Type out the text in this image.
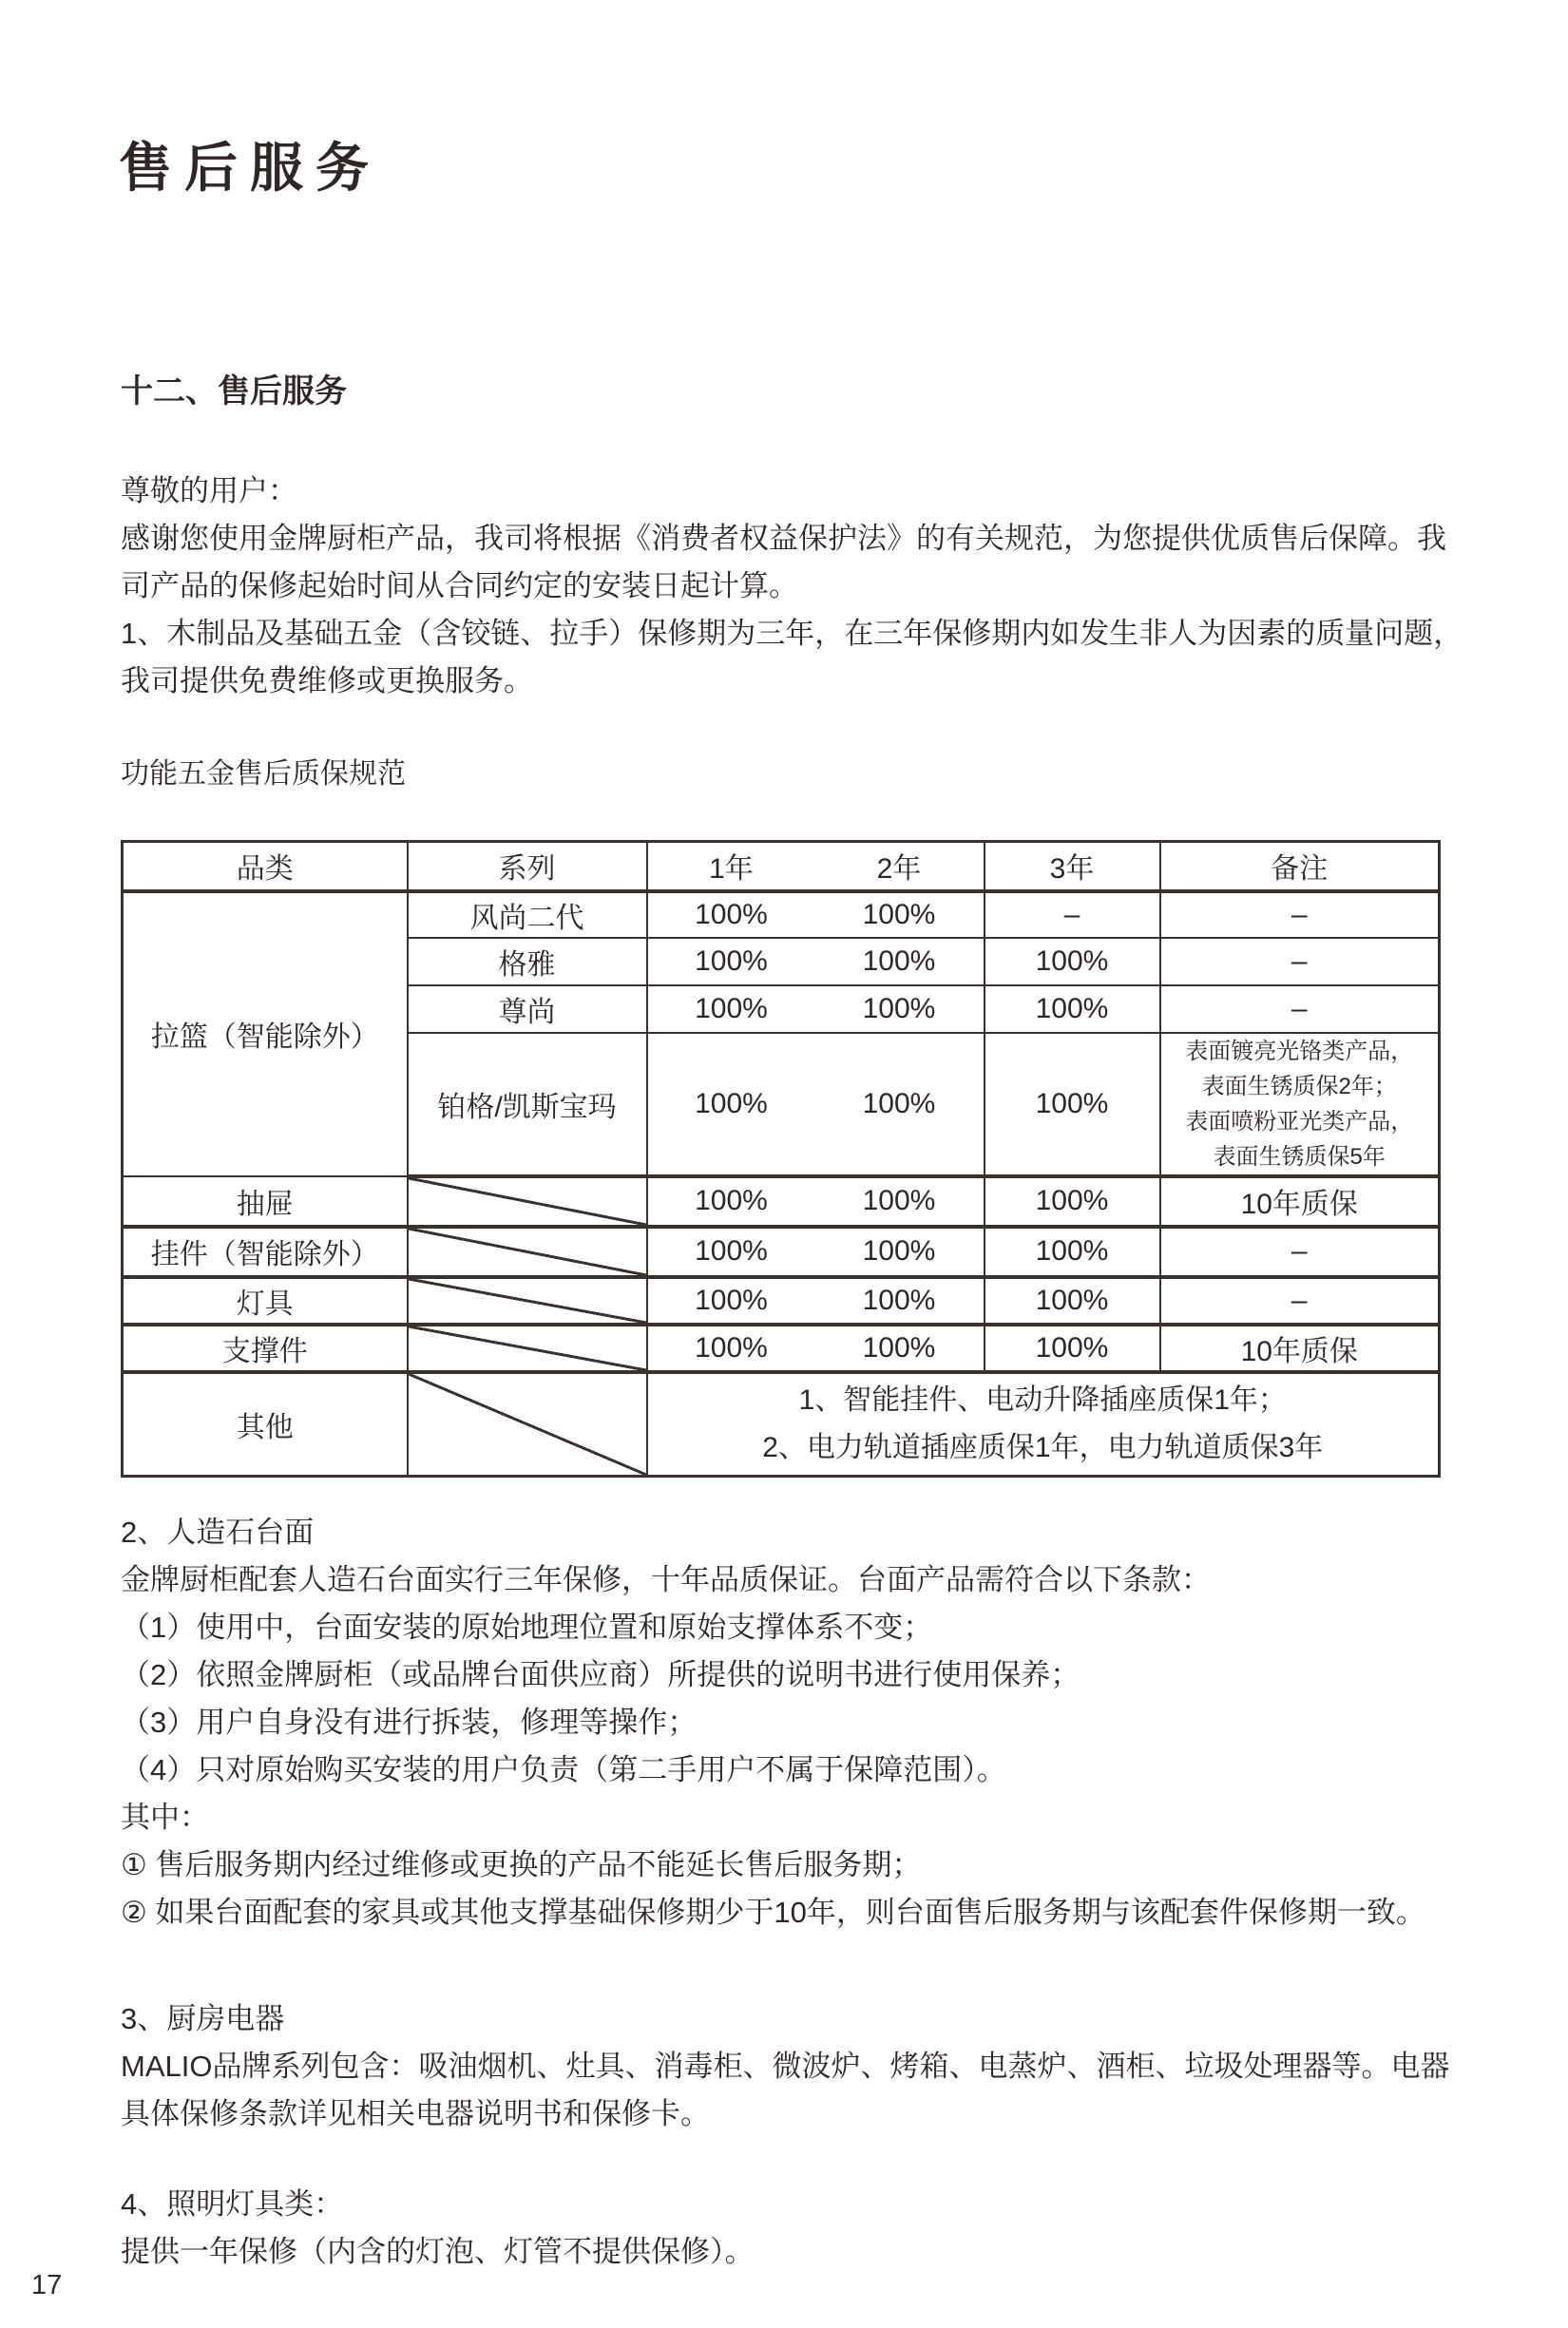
售后服务
十二、售后服务
尊敬的用户：
感谢您使用金牌厨柜产品，我司将根据《消费者权益保护法》的有关规范，为您提供优质售后保障。我
司产品的保修起始时间从合同约定的安装日起计算。
1、木制品及基础五金（含铰链、拉手）保修期为三年，在三年保修期内如发生非人为因素的质量问题，
我司提供免费维修或更换服务。
功能五金售后质保规范
品类	系列	1年	2年	3年	备注
拉篮（智能除外）	风尚二代	100%	100%	–	–
	格雅	100%	100%	100%	–
	尊尚	100%	100%	100%	–
	铂格/凯斯宝玛	100%	100%	100%	表面镀亮光铬类产品，
表面生锈质保2年；
表面喷粉亚光类产品，
表面生锈质保5年

抽屉		100%	100%	100%	10年质保
挂件（智能除外）		100%	100%	100%	–
灯具		100%	100%	100%	–
支撑件		100%	100%	100%	10年质保
其他		1、智能挂件、电动升降插座质保1年；
2、电力轨道插座质保1年，电力轨道质保3年			
2、人造石台面
金牌厨柜配套人造石台面实行三年保修，十年品质保证。台面产品需符合以下条款：
（1）使用中，台面安装的原始地理位置和原始支撑体系不变；
（2）依照金牌厨柜（或品牌台面供应商）所提供的说明书进行使用保养；
（3）用户自身没有进行拆装，修理等操作；
（4）只对原始购买安装的用户负责（第二手用户不属于保障范围）。
其中：
① 售后服务期内经过维修或更换的产品不能延长售后服务期；
② 如果台面配套的家具或其他支撑基础保修期少于10年，则台面售后服务期与该配套件保修期一致。
3、厨房电器
MALIO品牌系列包含：吸油烟机、灶具、消毒柜、微波炉、烤箱、电蒸炉、酒柜、垃圾处理器等。电器
具体保修条款详见相关电器说明书和保修卡。
4、照明灯具类：
提供一年保修（内含的灯泡、灯管不提供保修）。
17
